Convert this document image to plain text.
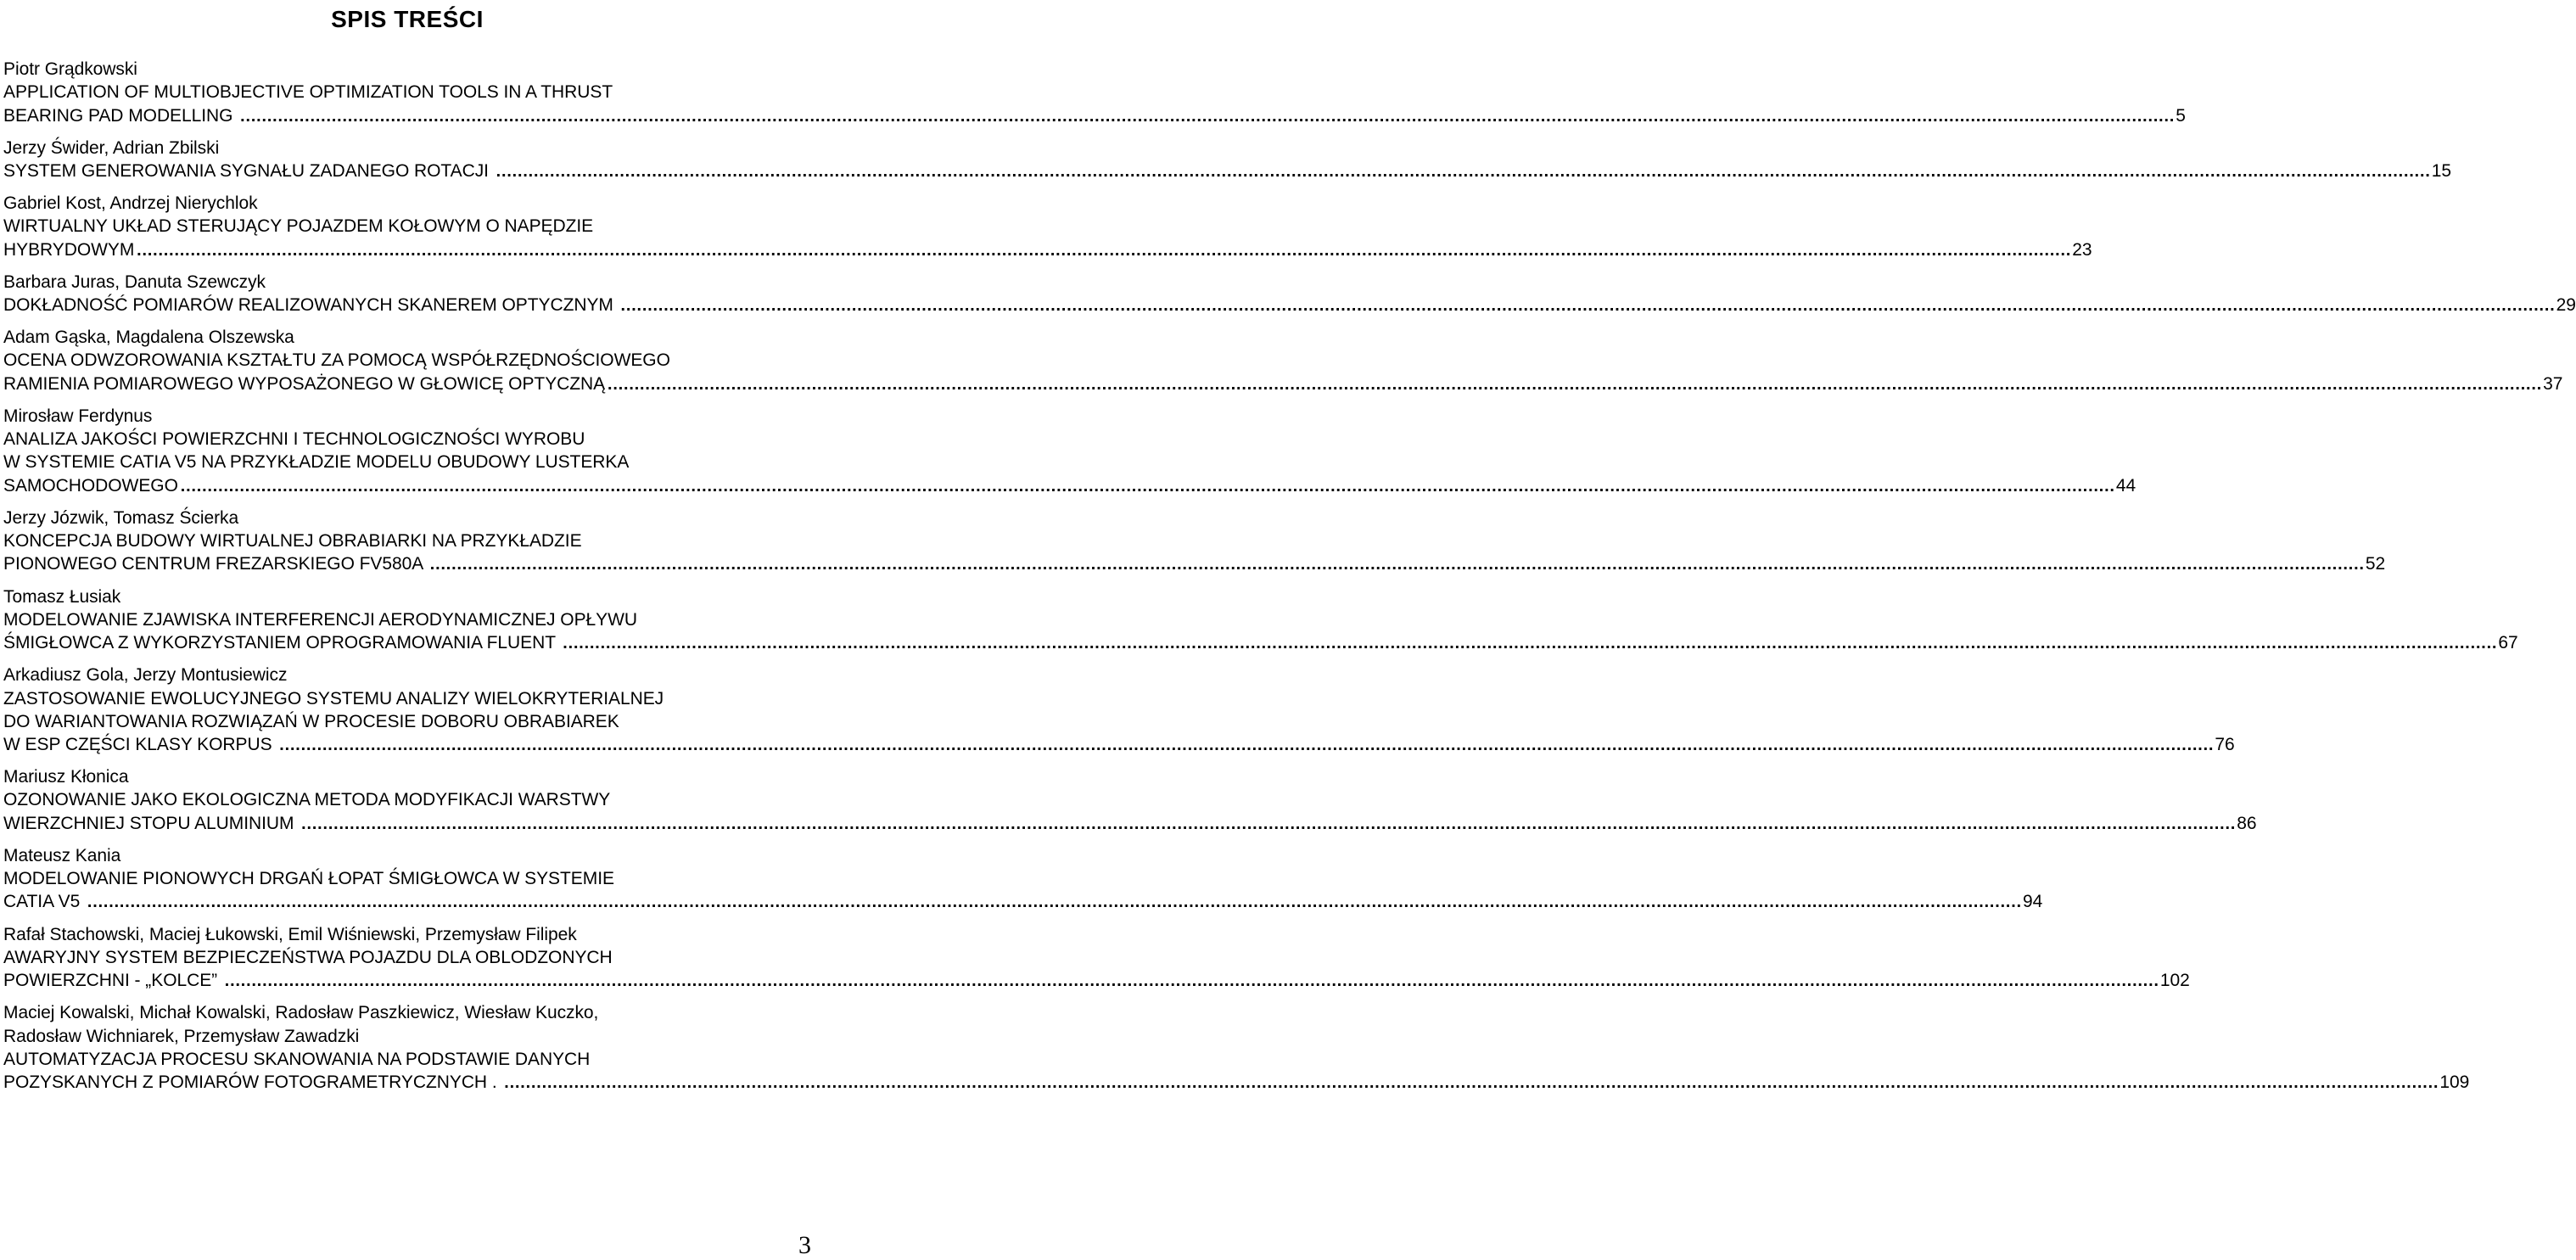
SPIS TREŚCI
Piotr Grądkowski
APPLICATION OF MULTIOBJECTIVE OPTIMIZATION TOOLS IN A THRUST
BEARING PAD MODELLING ……………………………………………………………………………………………………………………………………………………………………………………………………………………………………………………………………………………………………………………………… 5
Jerzy Świder, Adrian Zbilski
SYSTEM GENEROWANIA SYGNAŁU ZADANEGO ROTACJI ……………………………………………………………………………………………………………………………………………………………………………………………………………………………………………………………………………………………………………………………… 15
Gabriel Kost, Andrzej Nierychlok
WIRTUALNY UKŁAD STERUJĄCY POJAZDEM KOŁOWYM O NAPĘDZIE
HYBRYDOWYM ……………………………………………………………………………………………………………………………………………………………………………………………………………………………………………………………………………………………………………………………… 23
Barbara Juras, Danuta Szewczyk
DOKŁADNOŚĆ POMIARÓW REALIZOWANYCH SKANEREM OPTYCZNYM ……………………………………………………………………………………………………………………………………………………………………………………………………………………………………………………………………………………………………………………………… 29
Adam Gąska, Magdalena Olszewska
OCENA ODWZOROWANIA KSZTAŁTU ZA POMOCĄ WSPÓŁRZĘDNOŚCIOWEGO
RAMIENIA POMIAROWEGO WYPOSAŻONEGO W GŁOWICĘ OPTYCZNĄ ……………………………………………………………………………………………………………………………………………………………………………………………………………………………………………………………………………………………………………………………… 37
Mirosław Ferdynus
ANALIZA JAKOŚCI POWIERZCHNI I TECHNOLOGICZNOŚCI WYROBU
W SYSTEMIE CATIA V5 NA PRZYKŁADZIE MODELU OBUDOWY LUSTERKA
SAMOCHODOWEGO ……………………………………………………………………………………………………………………………………………………………………………………………………………………………………………………………………………………………………………………………… 44
Jerzy Józwik, Tomasz Ścierka
KONCEPCJA BUDOWY WIRTUALNEJ OBRABIARKI NA PRZYKŁADZIE
PIONOWEGO CENTRUM FREZARSKIEGO FV580A ……………………………………………………………………………………………………………………………………………………………………………………………………………………………………………………………………………………………………………………………… 52
Tomasz Łusiak
MODELOWANIE ZJAWISKA INTERFERENCJI AERODYNAMICZNEJ OPŁYWU
ŚMIGŁOWCA Z WYKORZYSTANIEM OPROGRAMOWANIA FLUENT ……………………………………………………………………………………………………………………………………………………………………………………………………………………………………………………………………………………………………………………………… 67
Arkadiusz Gola, Jerzy Montusiewicz
ZASTOSOWANIE EWOLUCYJNEGO SYSTEMU ANALIZY WIELOKRYTERIALNEJ
DO WARIANTOWANIA ROZWIĄZAŃ W PROCESIE DOBORU OBRABIAREK
W ESP CZĘŚCI KLASY KORPUS ……………………………………………………………………………………………………………………………………………………………………………………………………………………………………………………………………………………………………………………………… 76
Mariusz Kłonica
OZONOWANIE JAKO EKOLOGICZNA METODA MODYFIKACJI WARSTWY
WIERZCHNIEJ STOPU ALUMINIUM ……………………………………………………………………………………………………………………………………………………………………………………………………………………………………………………………………………………………………………………………… 86
Mateusz Kania
MODELOWANIE PIONOWYCH DRGAŃ ŁOPAT ŚMIGŁOWCA W SYSTEMIE
CATIA V5 ……………………………………………………………………………………………………………………………………………………………………………………………………………………………………………………………………………………………………………………………… 94
Rafał Stachowski, Maciej Łukowski, Emil Wiśniewski, Przemysław Filipek
AWARYJNY SYSTEM BEZPIECZEŃSTWA POJAZDU DLA OBLODZONYCH
POWIERZCHNI - „KOLCE” ……………………………………………………………………………………………………………………………………………………………………………………………………………………………………………………………………………………………………………………………… 102
Maciej Kowalski, Michał Kowalski, Radosław Paszkiewicz, Wiesław Kuczko,
Radosław Wichniarek, Przemysław Zawadzki
AUTOMATYZACJA PROCESU SKANOWANIA NA PODSTAWIE DANYCH
POZYSKANYCH Z POMIARÓW FOTOGRAMETRYCZNYCH . ……………………………………………………………………………………………………………………………………………………………………………………………………………………………………………………………………………………………………………………………… 109
3
